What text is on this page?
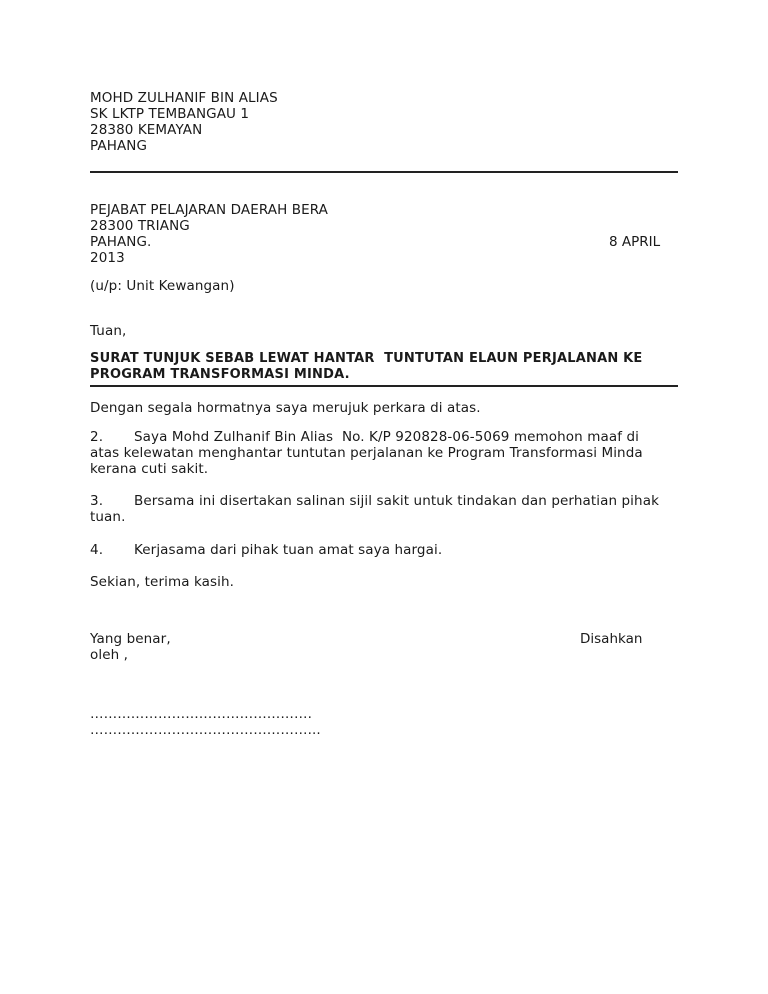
MOHD ZULHANIF BIN ALIAS
SK LKTP TEMBANGAU 1
28380 KEMAYAN
PAHANG
PEJABAT PELAJARAN DAERAH BERA
28300 TRIANG
PAHANG.	8 APRIL
2013
(u/p: Unit Kewangan)
Tuan,
SURAT TUNJUK SEBAB LEWAT HANTAR  TUNTUTAN ELAUN PERJALANAN KE
PROGRAM TRANSFORMASI MINDA.
Dengan segala hormatnya saya merujuk perkara di atas.
2. Saya Mohd Zulhanif Bin Alias  No. K/P 920828-06-5069 memohon maaf di
atas kelewatan menghantar tuntutan perjalanan ke Program Transformasi Minda
kerana cuti sakit.
3. Bersama ini disertakan salinan sijil sakit untuk tindakan dan perhatian pihak
tuan.
4. Kerjasama dari pihak tuan amat saya hargai.
Sekian, terima kasih.
Yang benar,	Disahkan
oleh ,
………………………………………….
…………………………………………...
